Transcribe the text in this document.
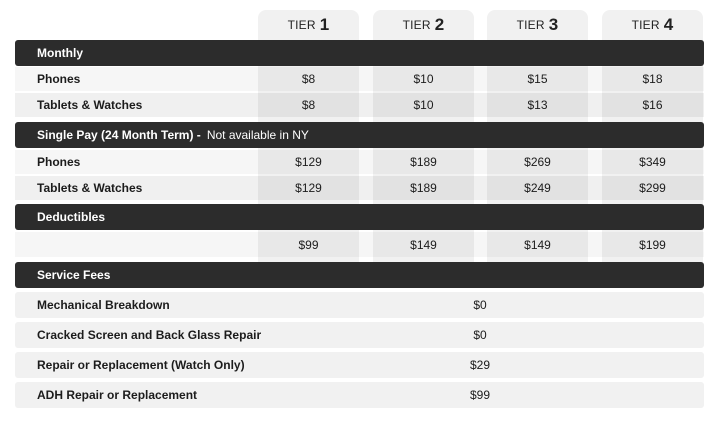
TIER 1	TIER 2	TIER 3	TIER 4
Monthly
Phones	$8	$10	$15	$18
Tablets & Watches	$8	$10	$13	$16
Single Pay (24 Month Term) - Not available in NY
Phones	$129	$189	$269	$349
Tablets & Watches	$129	$189	$249	$299
Deductibles
$99	$149	$149	$199
Service Fees
Mechanical Breakdown	$0
Cracked Screen and Back Glass Repair	$0
Repair or Replacement (Watch Only)	$29
ADH Repair or Replacement	$99
